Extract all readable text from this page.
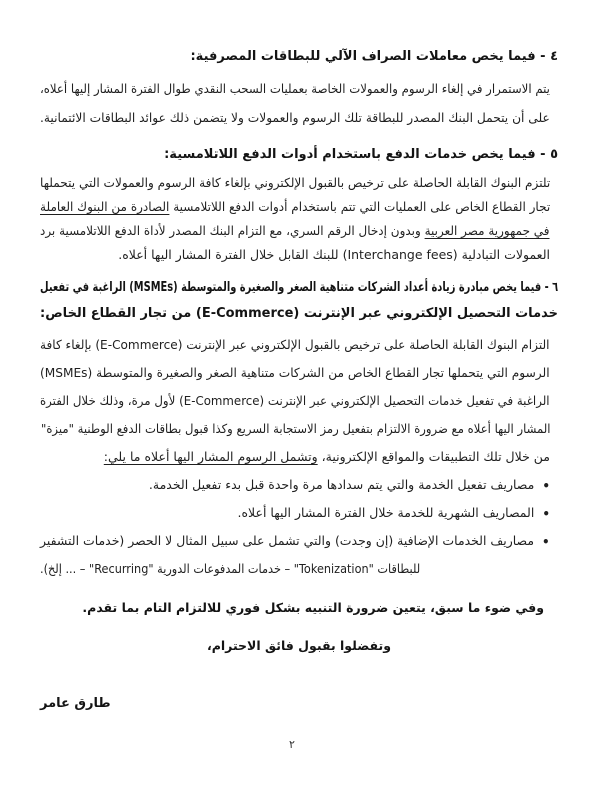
٤ - فيما يخص معاملات الصراف الآلي للبطاقات المصرفية:
يتم الاستمرار في إلغاء الرسوم والعمولات الخاصة بعمليات السحب النقدي طوال الفترة المشار إليها أعلاه،
على أن يتحمل البنك المصدر للبطاقة تلك الرسوم والعمولات ولا يتضمن ذلك عوائد البطاقات الائتمانية.
٥ - فيما يخص خدمات الدفع باستخدام أدوات الدفع اللاتلامسية:
تلتزم البنوك القابلة الحاصلة على ترخيص بالقبول الإلكتروني بإلغاء كافة الرسوم والعمولات التي يتحملها
تجار القطاع الخاص على العمليات التي تتم باستخدام أدوات الدفع اللاتلامسية الصادرة من البنوك العاملة
في جمهورية مصر العربية وبدون إدخال الرقم السري، مع التزام البنك المصدر لأداة الدفع اللاتلامسية برد
العمولات التبادلية (Interchange fees) للبنك القابل خلال الفترة المشار اليها أعلاه.
٦ - فيما يخص مبادرة زيادة أعداد الشركات متناهية الصغر والصغيرة والمتوسطة (MSMEs) الراغبة في تفعيل
خدمات التحصيل الإلكتروني عبر الإنترنت (E-Commerce) من تجار القطاع الخاص:
التزام البنوك القابلة الحاصلة على ترخيص بالقبول الإلكتروني عبر الإنترنت (E-Commerce) بإلغاء كافة
الرسوم التي يتحملها تجار القطاع الخاص من الشركات متناهية الصغر والصغيرة والمتوسطة (MSMEs)
الراغبة في تفعيل خدمات التحصيل الإلكتروني عبر الإنترنت (E-Commerce) لأول مرة، وذلك خلال الفترة
المشار اليها أعلاه مع ضرورة الالتزام بتفعيل رمز الاستجابة السريع وكذا قبول بطاقات الدفع الوطنية "ميزة"
من خلال تلك التطبيقات والمواقع الإلكترونية، وتشمل الرسوم المشار اليها أعلاه ما يلي:
•مصاريف تفعيل الخدمة والتي يتم سدادها مرة واحدة قبل بدء تفعيل الخدمة.
•المصاريف الشهرية للخدمة خلال الفترة المشار اليها أعلاه.
•مصاريف الخدمات الإضافية (إن وجدت) والتي تشمل على سبيل المثال لا الحصر (خدمات التشفير
للبطاقات "Tokenization" – خدمات المدفوعات الدورية "Recurring" – ... إلخ).
وفي ضوء ما سبق، يتعين ضرورة التنبيه بشكل فوري للالتزام التام بما تقدم.
وتفضلوا بقبول فائق الاحترام،
طارق عامر
٢
